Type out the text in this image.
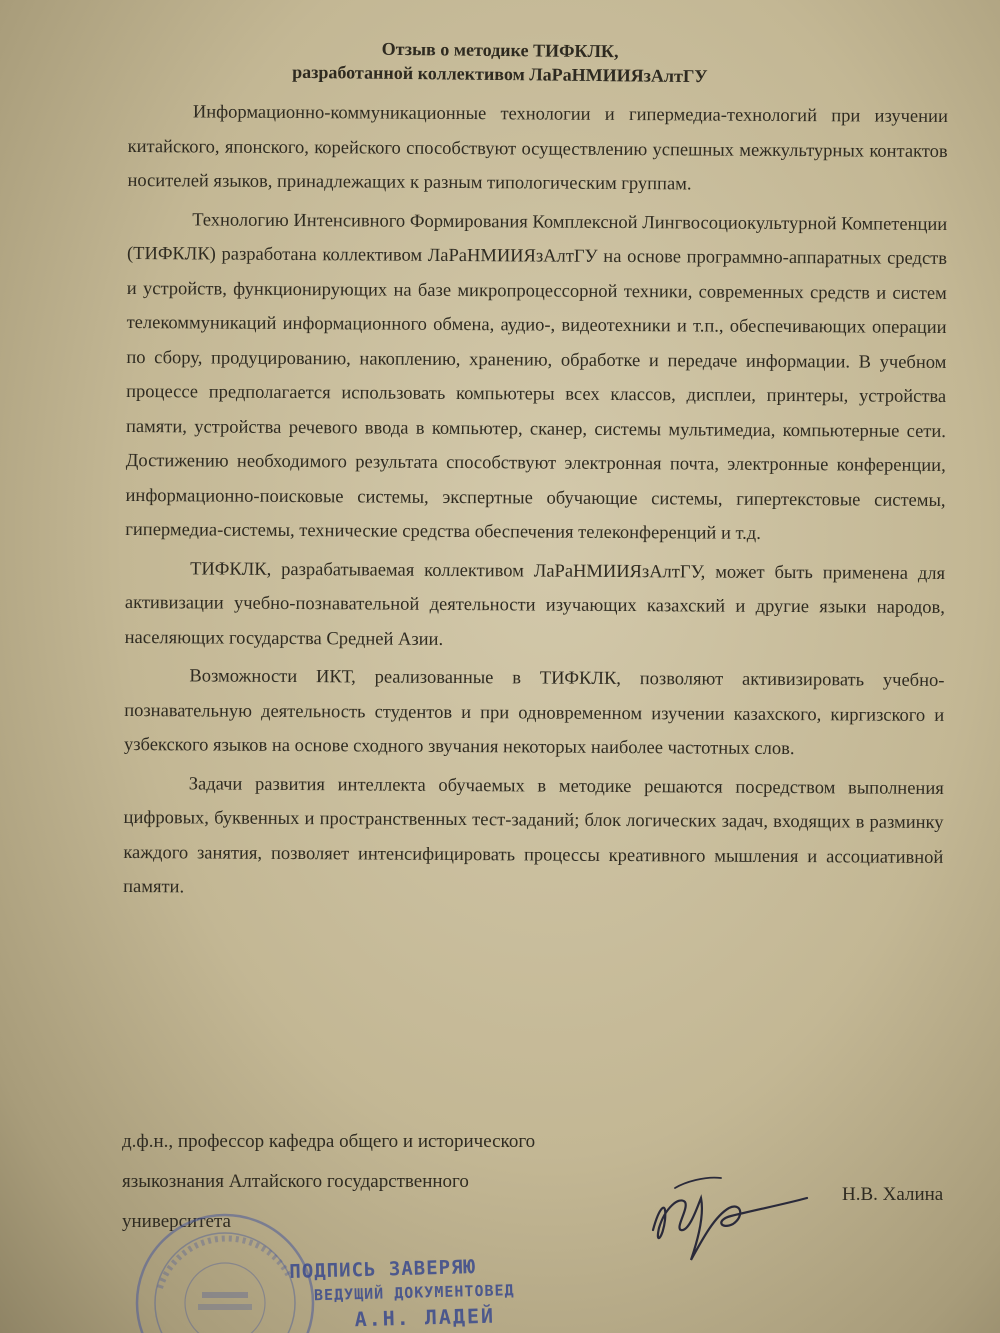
Отзыв о методике ТИФКЛК,
разработанной коллективом ЛаРаНМИИЯзАлтГУ

Информационно-коммуникационные технологии и гипермедиа-технологий при изучении китайского, японского, корейского способствуют осуществлению успешных межкультурных контактов носителей языков, принадлежащих к разным типологическим группам.

Технологию Интенсивного Формирования Комплексной Лингвосоциокультурной Компетенции (ТИФКЛК) разработана коллективом ЛаРаНМИИЯзАлтГУ на основе программно-аппаратных средств и устройств, функционирующих на базе микропроцессорной техники, современных средств и систем телекоммуникаций информационного обмена, аудио-, видеотехники и т.п., обеспечивающих операции по сбору, продуцированию, накоплению, хранению, обработке и передаче информации. В учебном процессе предполагается использовать компьютеры всех классов, дисплеи, принтеры, устройства памяти, устройства речевого ввода в компьютер, сканер, системы мультимедиа, компьютерные сети. Достижению необходимого результата способствуют электронная почта, электронные конференции, информационно-поисковые системы, экспертные обучающие системы, гипертекстовые системы, гипермедиа-системы, технические средства обеспечения телеконференций и т.д.

ТИФКЛК, разрабатываемая коллективом ЛаРаНМИИЯзАлтГУ, может быть применена для активизации учебно-познавательной деятельности изучающих казахский и другие языки народов, населяющих государства Средней Азии.

Возможности ИКТ, реализованные в ТИФКЛК, позволяют активизировать учебно-познавательную деятельность студентов и при одновременном изучении казахского, киргизского и узбекского языков на основе сходного звучания некоторых наиболее частотных слов.

Задачи развития интеллекта обучаемых в методике решаются посредством выполнения цифровых, буквенных и пространственных тест-заданий; блок логических задач, входящих в разминку каждого занятия, позволяет интенсифицировать процессы креативного мышления и ассоциативной памяти.

д.ф.н., профессор кафедра общего и исторического
языкознания Алтайского государственного
университета
Н.В. Халина
ПОДПИСЬ ЗАВЕРЯЮ
ВЕДУЩИЙ ДОКУМЕНТОВЕД
А.Н. ЛАДЕЙ
